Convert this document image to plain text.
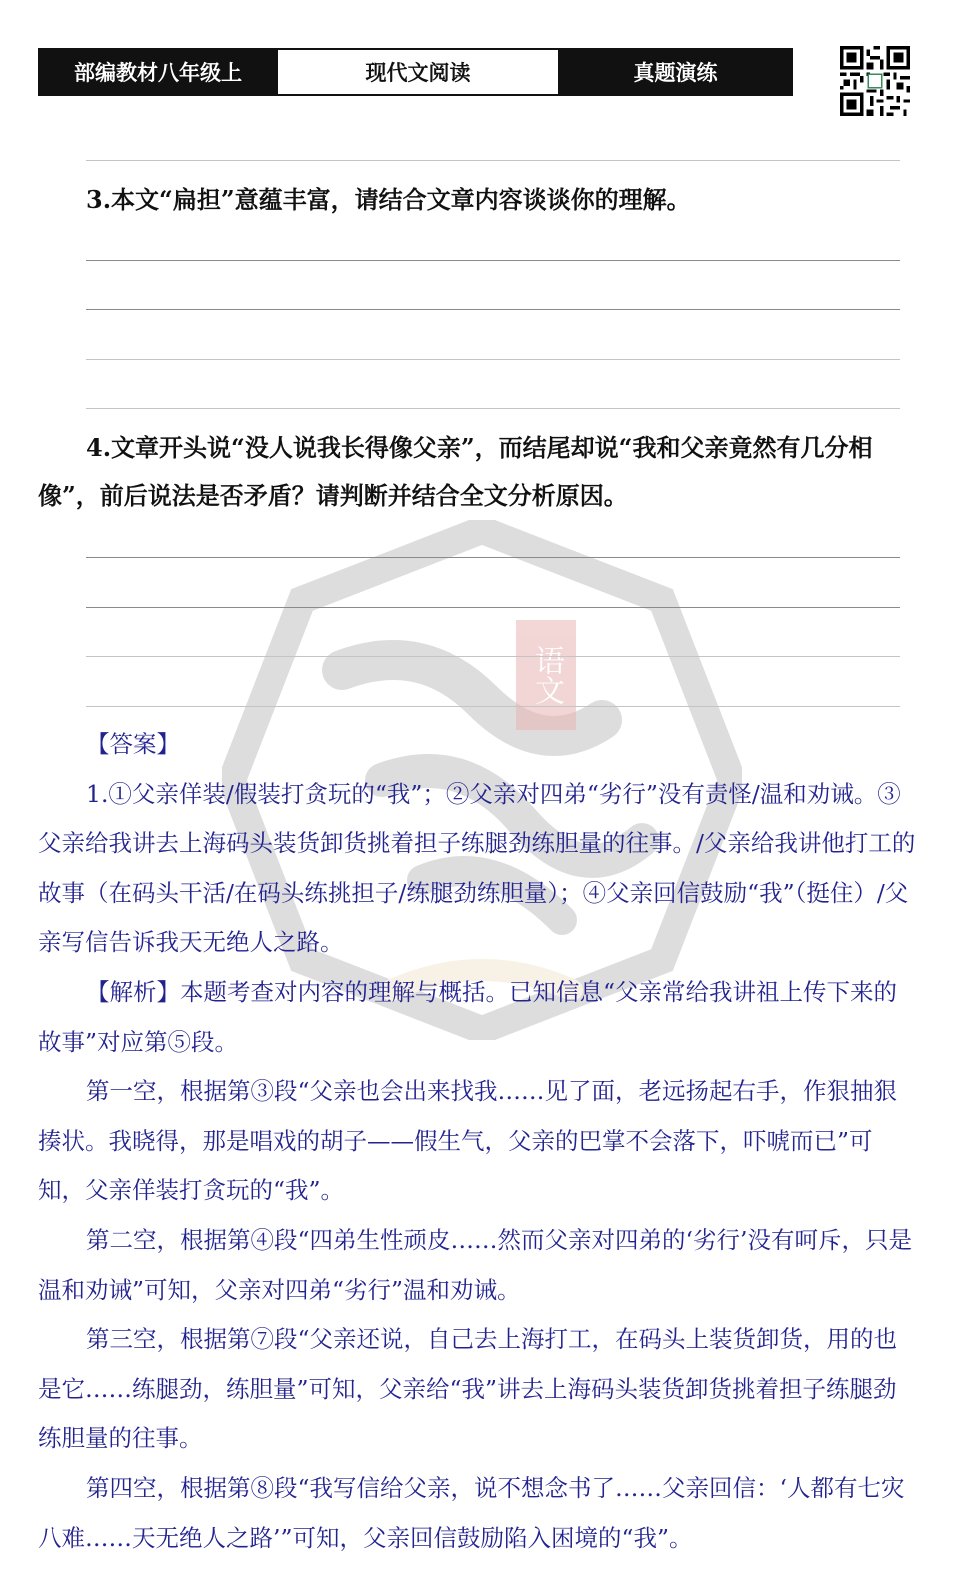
部编教材八年级上	现代文阅读	真题演练
语文
3.本文“扁担”意蕴丰富，请结合文章内容谈谈你的理解。
4.文章开头说“没人说我长得像父亲”，而结尾却说“我和父亲竟然有几分相像”，前后说法是否矛盾？请判断并结合全文分析原因。

【答案】

1.①父亲佯装/假装打贪玩的“我”；②父亲对四弟“劣行”没有责怪/温和劝诫。③父亲给我讲去上海码头装货卸货挑着担子练腿劲练胆量的往事。/父亲给我讲他打工的故事（在码头干活/在码头练挑担子/练腿劲练胆量）；④父亲回信鼓励“我”（挺住）/父亲写信告诉我天无绝人之路。

【解析】本题考查对内容的理解与概括。已知信息“父亲常给我讲祖上传下来的故事”对应第⑤段。

第一空，根据第③段“父亲也会出来找我……见了面，老远扬起右手，作狠抽狠揍状。我晓得，那是唱戏的胡子——假生气，父亲的巴掌不会落下，吓唬而已”可知，父亲佯装打贪玩的“我”。

第二空，根据第④段“四弟生性顽皮……然而父亲对四弟的‘劣行’没有呵斥，只是温和劝诫”可知，父亲对四弟“劣行”温和劝诫。

第三空，根据第⑦段“父亲还说，自己去上海打工，在码头上装货卸货，用的也是它……练腿劲，练胆量”可知，父亲给“我”讲去上海码头装货卸货挑着担子练腿劲练胆量的往事。

第四空，根据第⑧段“我写信给父亲，说不想念书了……父亲回信：‘人都有七灾八难……天无绝人之路’”可知，父亲回信鼓励陷入困境的“我”。
